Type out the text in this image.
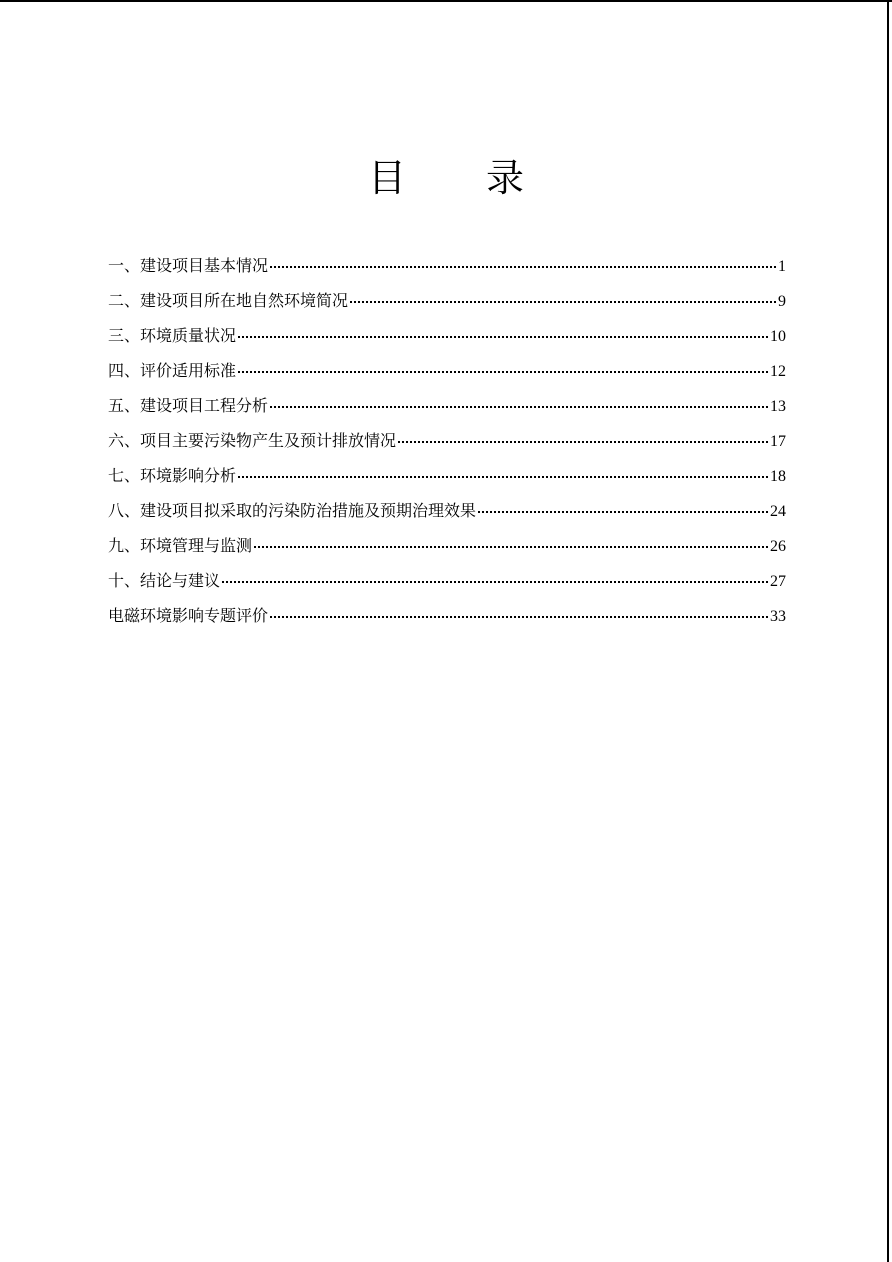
目 录
一、建设项目基本情况	1
二、建设项目所在地自然环境简况	9
三、环境质量状况	10
四、评价适用标准	12
五、建设项目工程分析	13
六、项目主要污染物产生及预计排放情况	17
七、环境影响分析	18
八、建设项目拟采取的污染防治措施及预期治理效果	24
九、环境管理与监测	26
十、结论与建议	27
电磁环境影响专题评价	33
